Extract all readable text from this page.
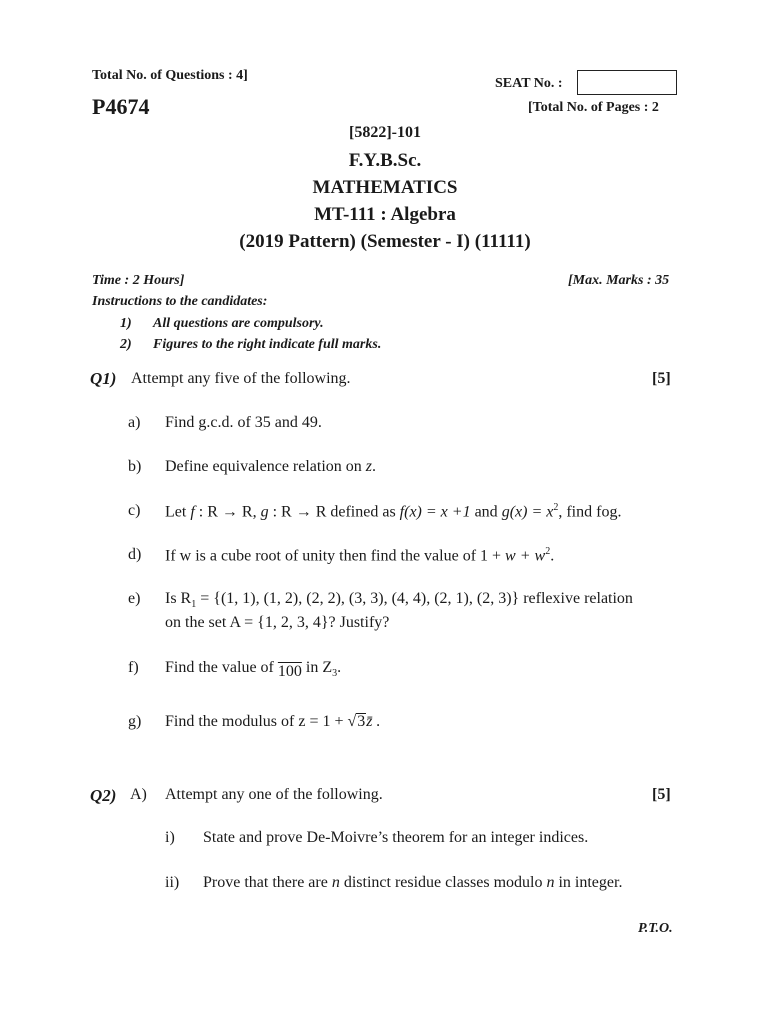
Total No. of Questions : 4]
SEAT No. :
P4674	[Total No. of Pages : 2
[5822]-101
F.Y.B.Sc.
MATHEMATICS
MT-111 : Algebra
(2019 Pattern) (Semester - I) (11111)
Time : 2 Hours]	[Max. Marks : 35
Instructions to the candidates:
1) All questions are compulsory.
2) Figures to the right indicate full marks.
Q1) Attempt any five of the following.	[5]
a) Find g.c.d. of 35 and 49.
b) Define equivalence relation on z.
c) Let f : R → R, g : R → R defined as f(x) = x +1 and $g(x) = x^2$, find fog.
d) If w is a cube root of unity then find the value of $1 + w + w^2$.
e) Is $R_1 = \{(1$, 1), (1, 2), (2, 2), (3, 3), (4, 4), (2, 1), (2, 3)} reflexive relation
on the set A = {1, 2, 3, 4}? Justify?
f) Find the value of 100 in $Z_3$.
g) Find the modulus of z = 1 + √3z̄ .
Q2) A) Attempt any one of the following.	[5]
i) State and prove De-Moivre’s theorem for an integer indices.
ii) Prove that there are n distinct residue classes modulo n in integer.
P.T.O.
